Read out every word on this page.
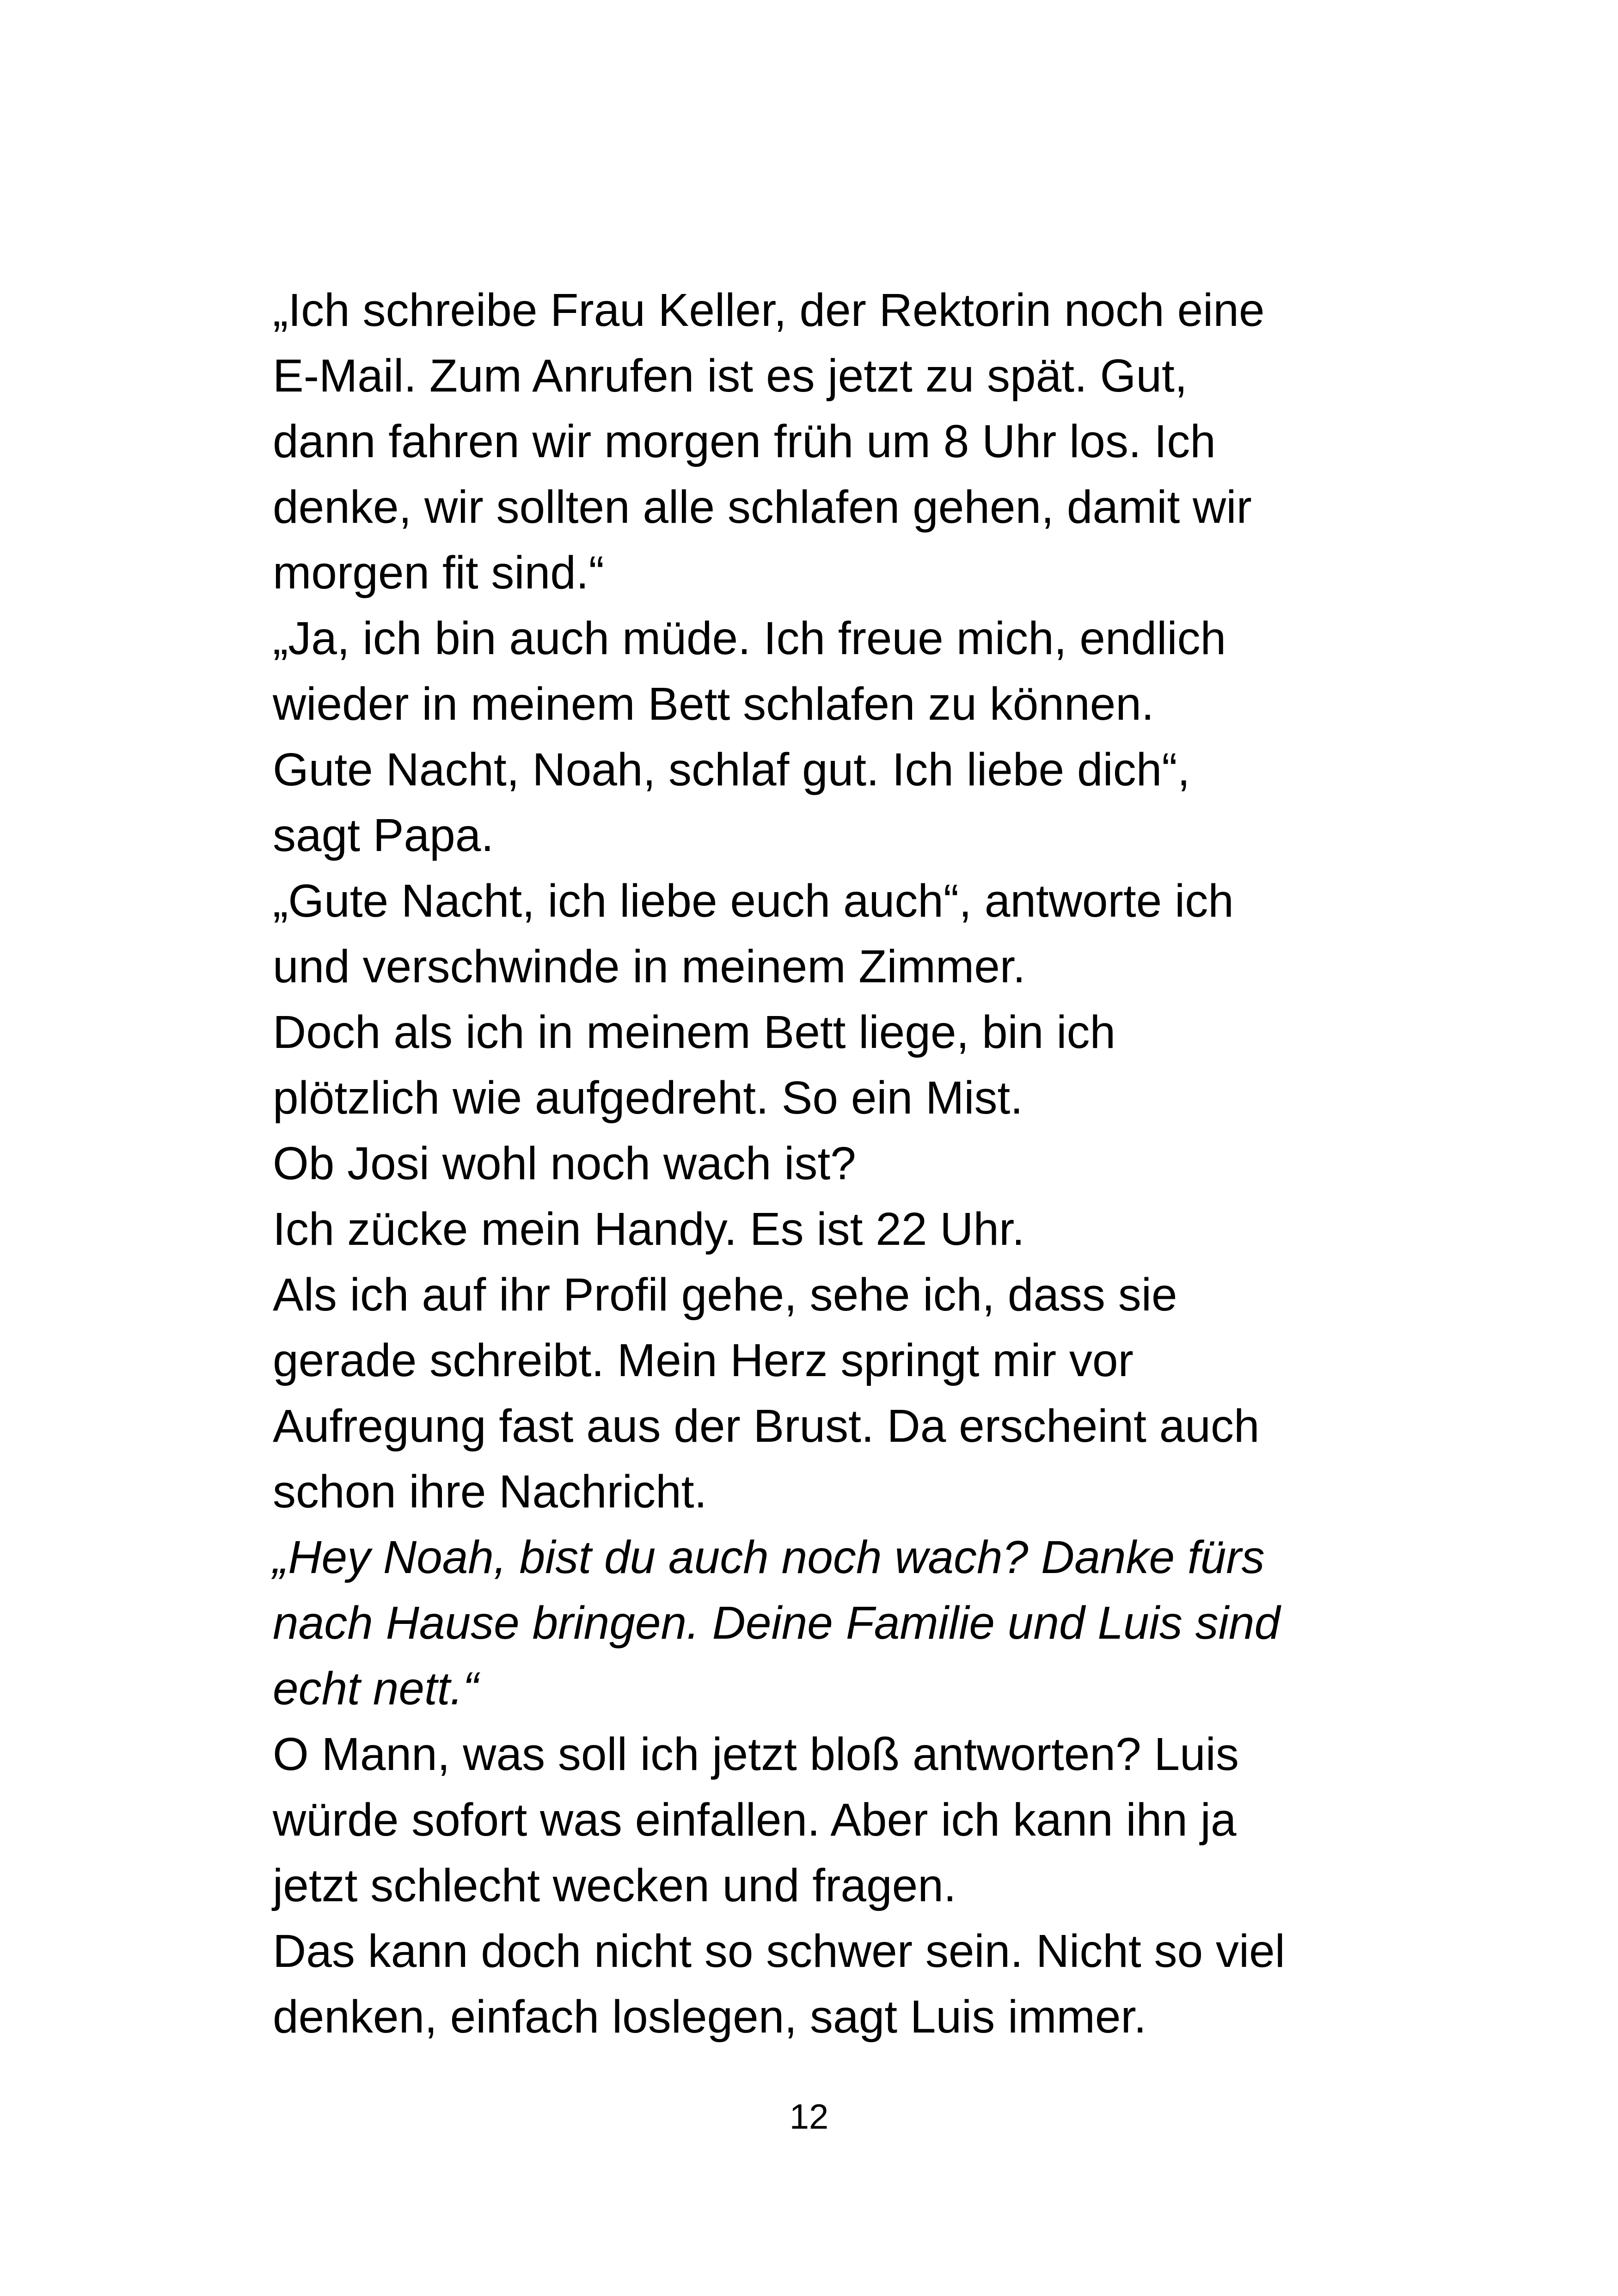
„Ich schreibe Frau Keller, der Rektorin noch eine
E-Mail. Zum Anrufen ist es jetzt zu spät. Gut,
dann fahren wir morgen früh um 8 Uhr los. Ich
denke, wir sollten alle schlafen gehen, damit wir
morgen fit sind.“
„Ja, ich bin auch müde. Ich freue mich, endlich
wieder in meinem Bett schlafen zu können.
Gute Nacht, Noah, schlaf gut. Ich liebe dich“,
sagt Papa.
„Gute Nacht, ich liebe euch auch“, antworte ich
und verschwinde in meinem Zimmer.
Doch als ich in meinem Bett liege, bin ich
plötzlich wie aufgedreht. So ein Mist.
Ob Josi wohl noch wach ist?
Ich zücke mein Handy. Es ist 22 Uhr.
Als ich auf ihr Profil gehe, sehe ich, dass sie
gerade schreibt. Mein Herz springt mir vor
Aufregung fast aus der Brust. Da erscheint auch
schon ihre Nachricht.
„Hey Noah, bist du auch noch wach? Danke fürs
nach Hause bringen. Deine Familie und Luis sind
echt nett.“
O Mann, was soll ich jetzt bloß antworten? Luis
würde sofort was einfallen. Aber ich kann ihn ja
jetzt schlecht wecken und fragen.
Das kann doch nicht so schwer sein. Nicht so viel
denken, einfach loslegen, sagt Luis immer.
12
